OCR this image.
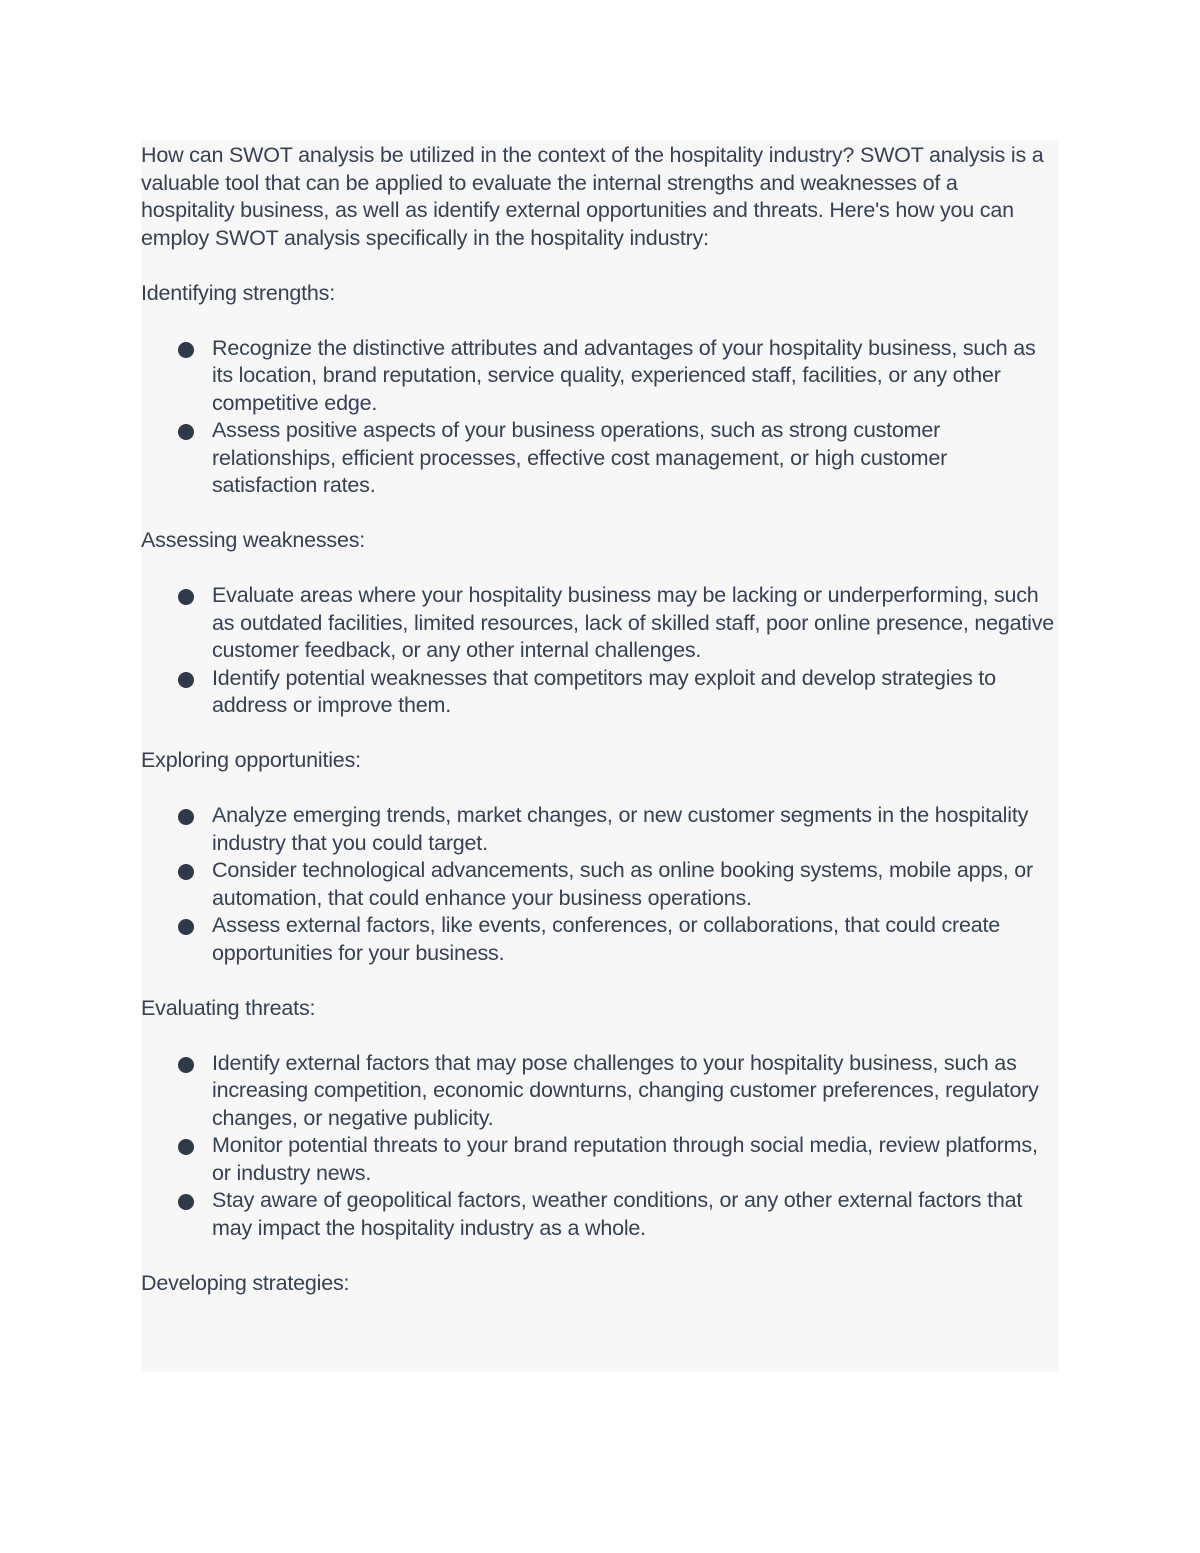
How can SWOT analysis be utilized in the context of the hospitality industry? SWOT analysis is a valuable tool that can be applied to evaluate the internal strengths and weaknesses of a hospitality business, as well as identify external opportunities and threats. Here's how you can employ SWOT analysis specifically in the hospitality industry:

Identifying strengths:

Recognize the distinctive attributes and advantages of your hospitality business, such as its location, brand reputation, service quality, experienced staff, facilities, or any other competitive edge.
Assess positive aspects of your business operations, such as strong customer relationships, efficient processes, effective cost management, or high customer satisfaction rates.

Assessing weaknesses:

Evaluate areas where your hospitality business may be lacking or underperforming, such as outdated facilities, limited resources, lack of skilled staff, poor online presence, negative customer feedback, or any other internal challenges.
Identify potential weaknesses that competitors may exploit and develop strategies to address or improve them.

Exploring opportunities:

Analyze emerging trends, market changes, or new customer segments in the hospitality industry that you could target.
Consider technological advancements, such as online booking systems, mobile apps, or automation, that could enhance your business operations.
Assess external factors, like events, conferences, or collaborations, that could create opportunities for your business.

Evaluating threats:

Identify external factors that may pose challenges to your hospitality business, such as increasing competition, economic downturns, changing customer preferences, regulatory changes, or negative publicity.
Monitor potential threats to your brand reputation through social media, review platforms, or industry news.
Stay aware of geopolitical factors, weather conditions, or any other external factors that may impact the hospitality industry as a whole.

Developing strategies:
